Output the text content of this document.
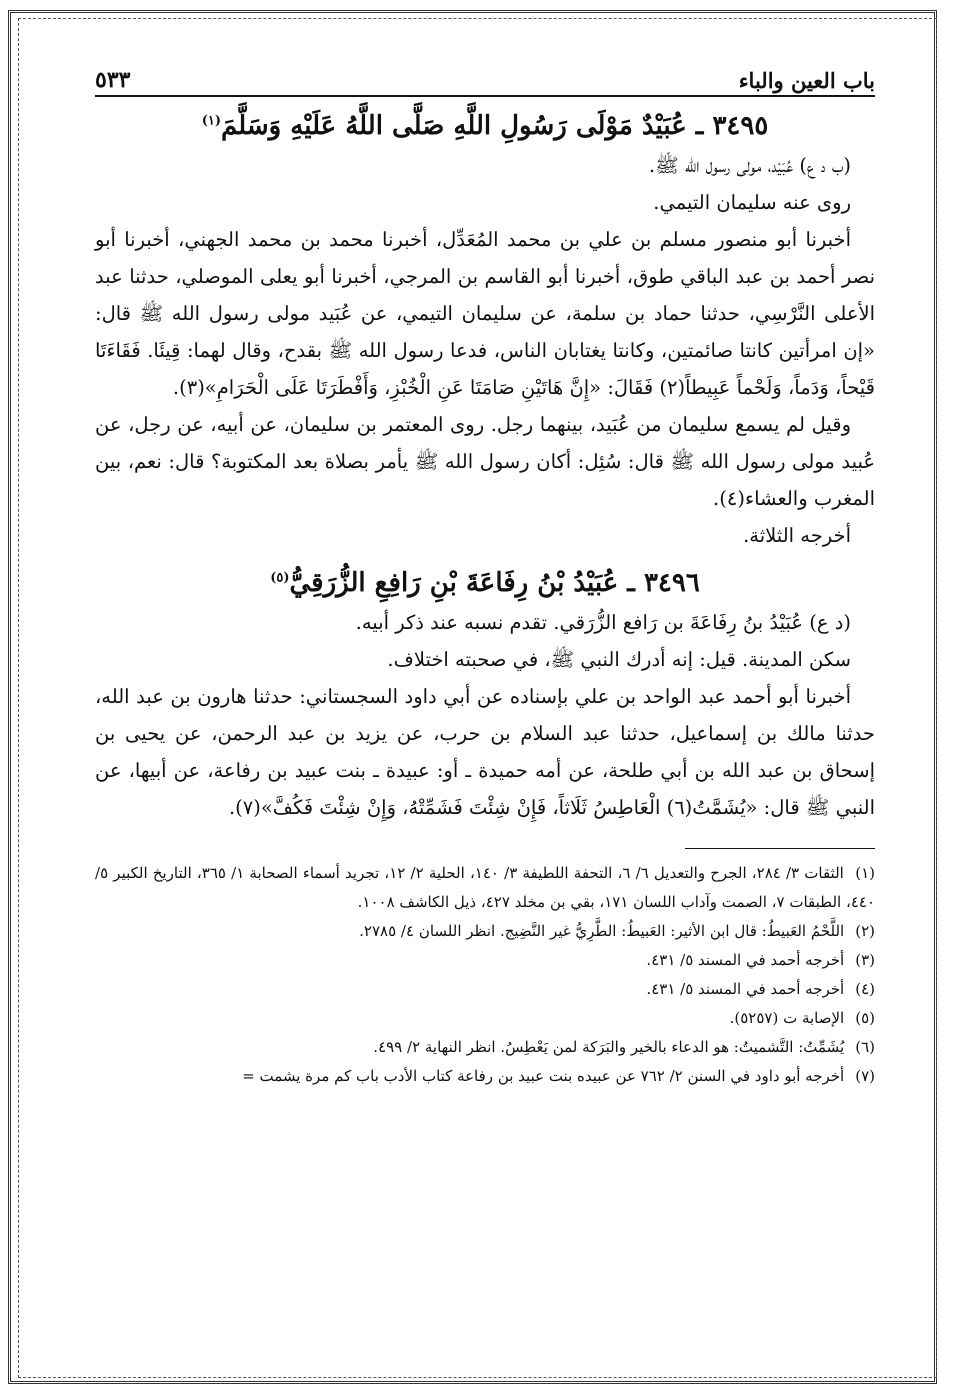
باب العين والباء
٥٣٣
٣٤٩٥ ـ عُبَيْدٌ مَوْلَى رَسُولِ اللَّهِ صَلَّى اللَّهُ عَلَيْهِ وَسَلَّمَ$^{(١)}$

(ب د ع) عُبَيْد، مولى رسول الله ﷺ.

روى عنه سليمان التيمي.

أخبرنا أبو منصور مسلم بن علي بن محمد المُعَدِّل، أخبرنا محمد بن محمد الجهني، أخبرنا أبو نصر أحمد بن عبد الباقي طوق، أخبرنا أبو القاسم بن المرجي، أخبرنا أبو يعلى الموصلي، حدثنا عبد الأعلى النَّرْسِي، حدثنا حماد بن سلمة، عن سليمان التيمي، عن عُبَيد مولى رسول الله ﷺ قال: «إن امرأتين كانتا صائمتين، وكانتا يغتابان الناس، فدعا رسول الله ﷺ بقدح، وقال لهما: قِيئَا. فَقَاءَتَا قَيْحاً، وَدَماً، وَلَحْماً عَبِيطاً(٢) فَقَالَ: «إِنَّ هَاتَيْنِ صَامَتَا عَنِ الْخُبْزِ، وَأَفْطَرَتَا عَلَى الْحَرَامِ»(٣).

وقيل لم يسمع سليمان من عُبَيد، بينهما رجل. روى المعتمر بن سليمان، عن أبيه، عن رجل، عن عُبيد مولى رسول الله ﷺ قال: سُئِل: أكان رسول الله ﷺ يأمر بصلاة بعد المكتوبة؟ قال: نعم، بين المغرب والعشاء(٤).

أخرجه الثلاثة.

٣٤٩٦ ـ عُبَيْدُ بْنُ رِفَاعَةَ بْنِ رَافِعِ الزُّرَقِيُّ$^{(٥)}$

(د ع) عُبَيْدُ بنُ رِفَاعَةَ بن رَافع الزُّرَقي. تقدم نسبه عند ذكر أبيه.

سكن المدينة. قيل: إنه أدرك النبي ﷺ، في صحبته اختلاف.

أخبرنا أبو أحمد عبد الواحد بن علي بإسناده عن أبي داود السجستاني: حدثنا هارون بن عبد الله، حدثنا مالك بن إسماعيل، حدثنا عبد السلام بن حرب، عن يزيد بن عبد الرحمن، عن يحيى بن إسحاق بن عبد الله بن أبي طلحة، عن أمه حميدة ـ أو: عبيدة ـ بنت عبيد بن رفاعة، عن أبيها، عن النبي ﷺ قال: «يُشَمَّتُ(٦) الْعَاطِسُ ثَلَاثاً، فَإِنْ شِئْتَ فَشَمِّتْهُ، وَإِنْ شِئْتَ فَكُفَّ»(٧).

(١) الثقات ٣/ ٢٨٤، الجرح والتعديل ٦/ ٦، التحفة اللطيفة ٣/ ١٤٠، الحلية ٢/ ١٢، تجريد أسماء الصحابة ١/ ٣٦٥، التاريخ الكبير ٥/ ٤٤٠، الطبقات ٧، الصمت وآداب اللسان ١٧١، بقي بن مخلد ٤٢٧، ذيل الكاشف ١٠٠٨.

(٢) اللَّحْمُ العَبيطُ: قال ابن الأثير: العَبيطُ: الطَّرِيُّ غير النَّضِيج. انظر اللسان ٤/ ٢٧٨٥.

(٣) أخرجه أحمد في المسند ٥/ ٤٣١.

(٤) أخرجه أحمد في المسند ٥/ ٤٣١.

(٥) الإصابة ت (٥٢٥٧).

(٦) يُشَمِّتُ: التَّشميتُ: هو الدعاء بالخير والبَرَكة لمن يَعْطِسُ. انظر النهاية ٢/ ٤٩٩.

(٧) أخرجه أبو داود في السنن ٢/ ٧٦٢ عن عبيده بنت عبيد بن رفاعة كتاب الأدب باب كم مرة يشمت =
